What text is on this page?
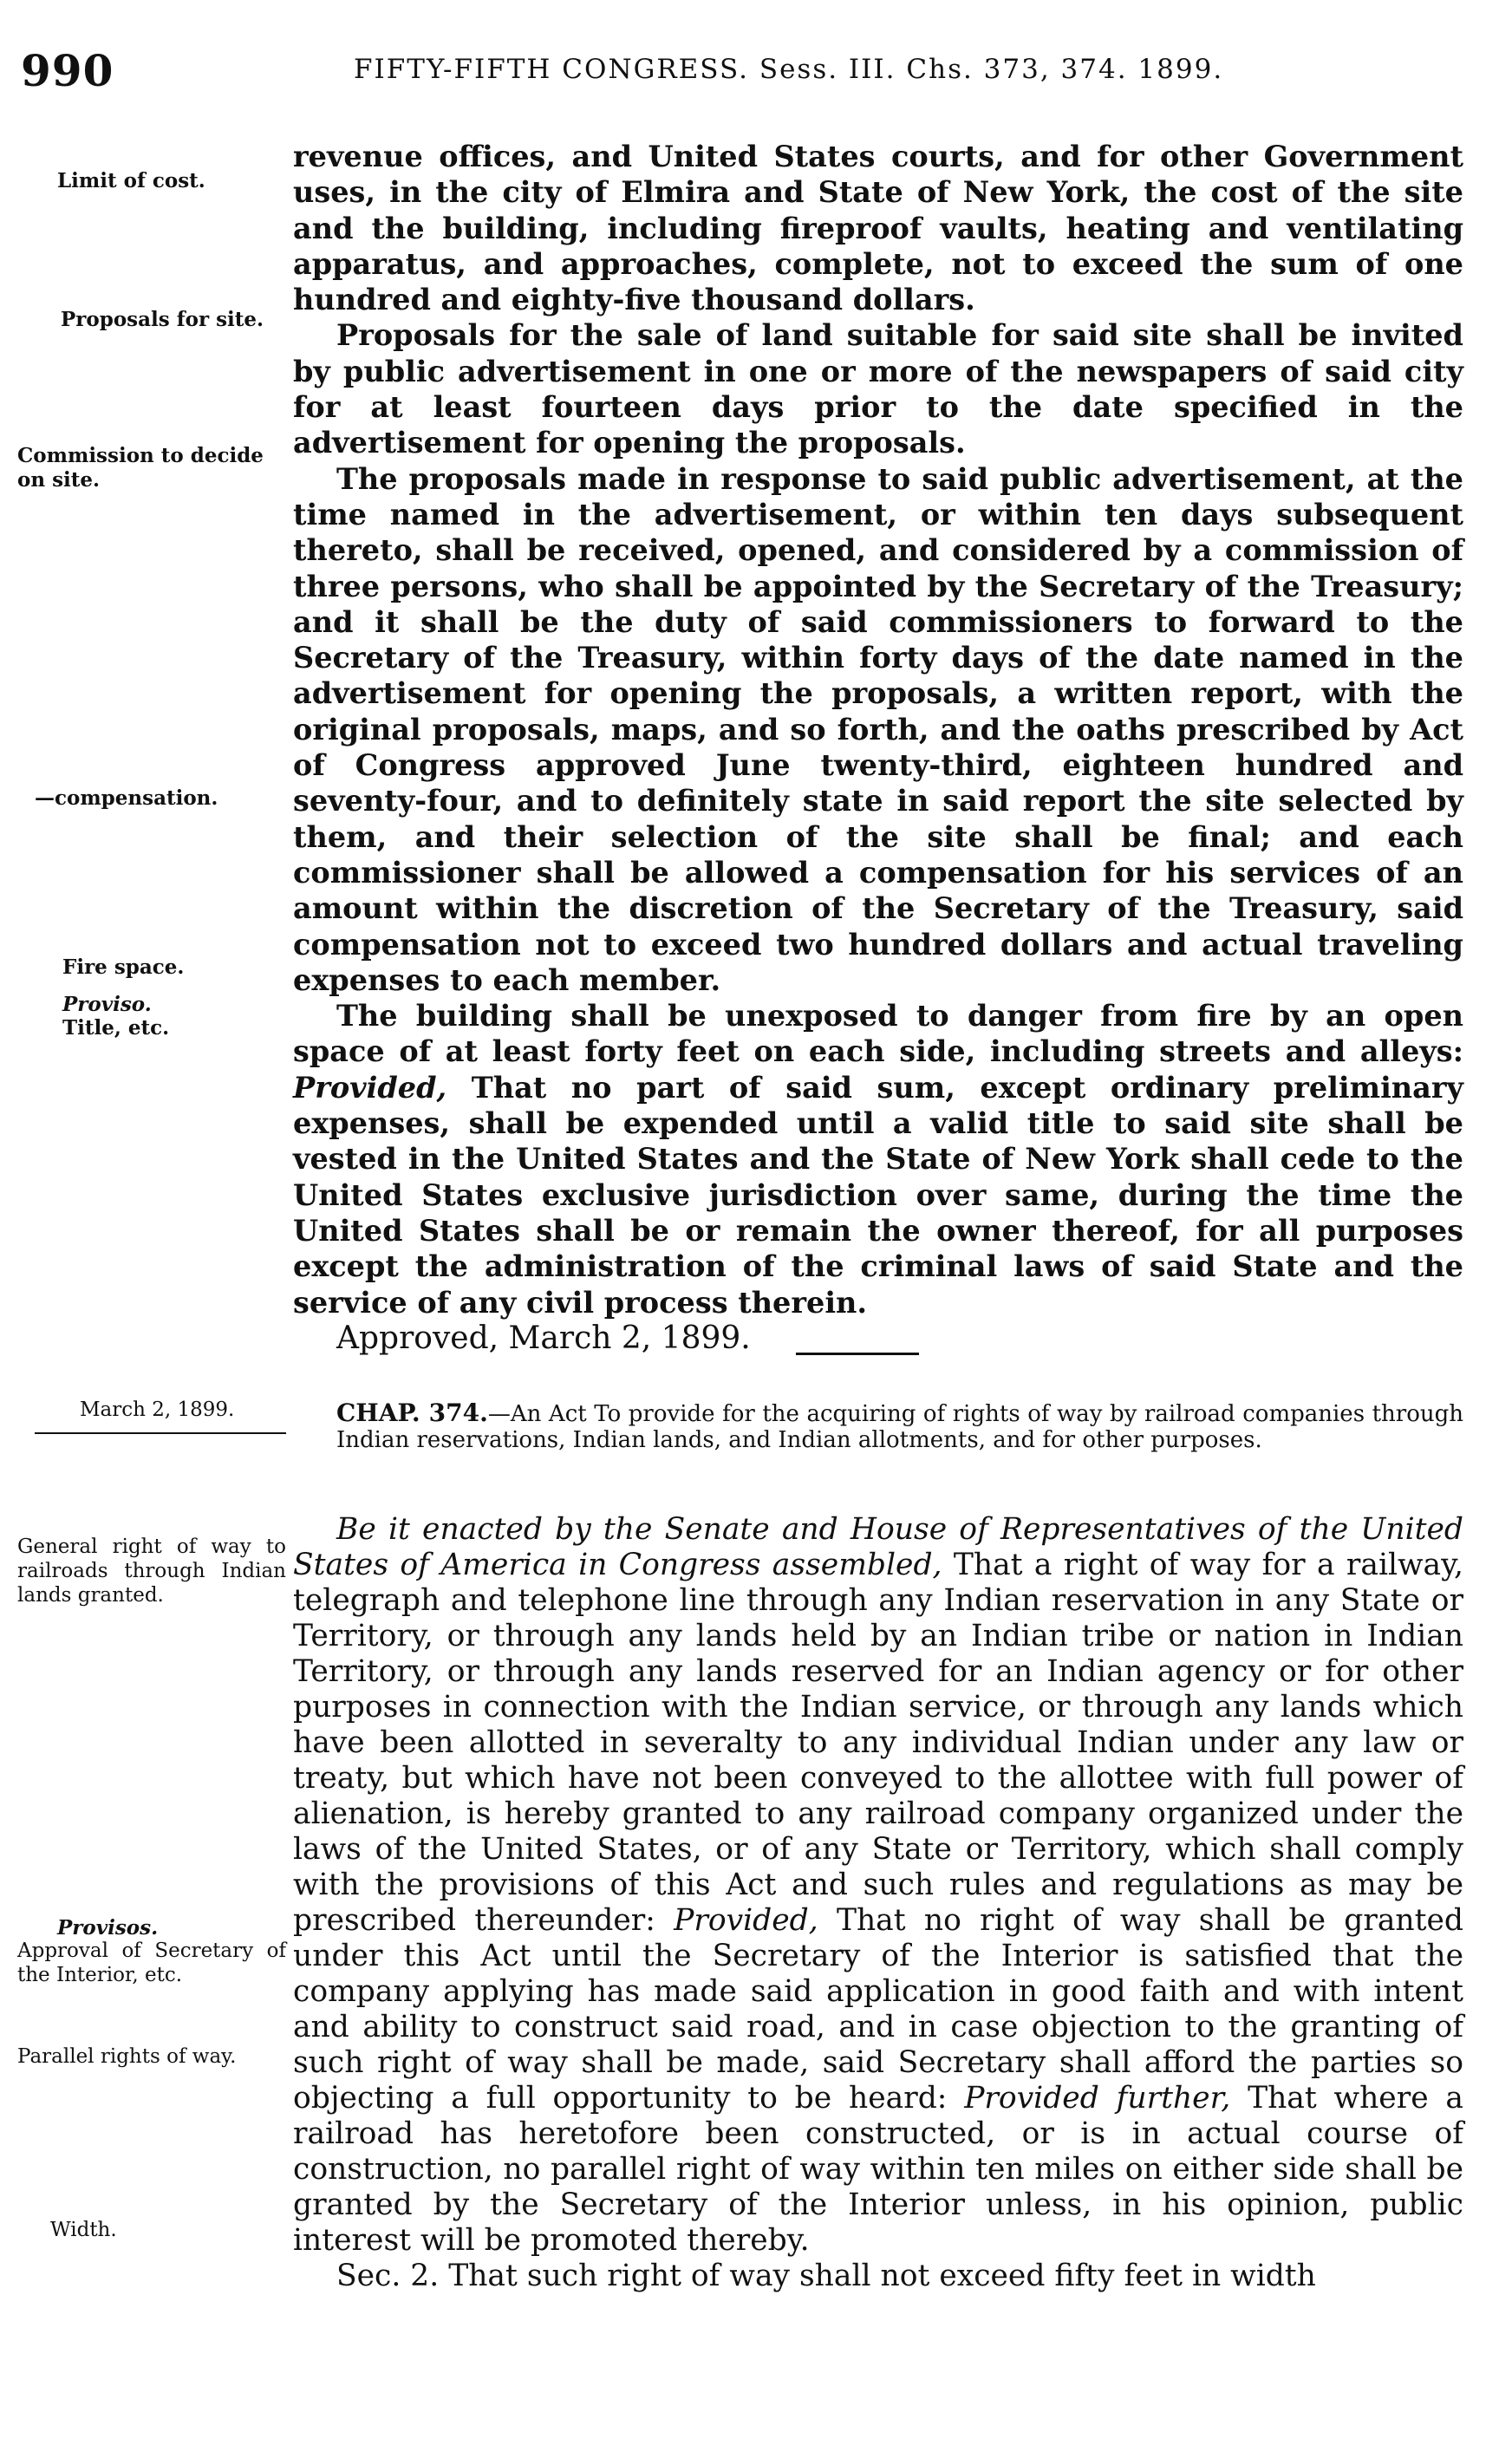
990	FIFTY-FIFTH CONGRESS. Sess. III. Chs. 373, 374. 1899.
Limit of cost.
Proposals for site.
Commission to decide on site.
—compensation.
Fire space.
Proviso.
Title, etc.
March 2, 1899.
General right of way to railroads through Indian lands granted.
Provisos.
Approval of Secretary of the Interior, etc.
Parallel rights of way.
Width.

revenue offices, and United States courts, and for other Government uses, in the city of Elmira and State of New York, the cost of the site and the building, including fireproof vaults, heating and ventilating apparatus, and approaches, complete, not to exceed the sum of one hundred and eighty-five thousand dollars.

Proposals for the sale of land suitable for said site shall be invited by public advertisement in one or more of the newspapers of said city for at least fourteen days prior to the date specified in the advertisement for opening the proposals.

The proposals made in response to said public advertisement, at the time named in the advertisement, or within ten days subsequent thereto, shall be received, opened, and considered by a commission of three persons, who shall be appointed by the Secretary of the Treasury; and it shall be the duty of said commissioners to forward to the Secretary of the Treasury, within forty days of the date named in the advertisement for opening the proposals, a written report, with the original proposals, maps, and so forth, and the oaths prescribed by Act of Congress approved June twenty-third, eighteen hundred and seventy-four, and to definitely state in said report the site selected by them, and their selection of the site shall be final; and each commissioner shall be allowed a compensation for his services of an amount within the discretion of the Secretary of the Treasury, said compensation not to exceed two hundred dollars and actual traveling expenses to each member.

The building shall be unexposed to danger from fire by an open space of at least forty feet on each side, including streets and alleys: Provided, That no part of said sum, except ordinary preliminary expenses, shall be expended until a valid title to said site shall be vested in the United States and the State of New York shall cede to the United States exclusive jurisdiction over same, during the time the United States shall be or remain the owner thereof, for all purposes except the administration of the criminal laws of said State and the service of any civil process therein.

Approved, March 2, 1899.

CHAP. 374.—An Act To provide for the acquiring of rights of way by railroad companies through Indian reservations, Indian lands, and Indian allotments, and for other purposes.

Be it enacted by the Senate and House of Representatives of the United States of America in Congress assembled, That a right of way for a railway, telegraph and telephone line through any Indian reservation in any State or Territory, or through any lands held by an Indian tribe or nation in Indian Territory, or through any lands reserved for an Indian agency or for other purposes in connection with the Indian service, or through any lands which have been allotted in severalty to any individual Indian under any law or treaty, but which have not been conveyed to the allottee with full power of alienation, is hereby granted to any railroad company organized under the laws of the United States, or of any State or Territory, which shall comply with the provisions of this Act and such rules and regulations as may be prescribed thereunder: Provided, That no right of way shall be granted under this Act until the Secretary of the Interior is satisfied that the company applying has made said application in good faith and with intent and ability to construct said road, and in case objection to the granting of such right of way shall be made, said Secretary shall afford the parties so objecting a full opportunity to be heard: Provided further, That where a railroad has heretofore been constructed, or is in actual course of construction, no parallel right of way within ten miles on either side shall be granted by the Secretary of the Interior unless, in his opinion, public interest will be promoted thereby.

Sec. 2. That such right of way shall not exceed fifty feet in width
